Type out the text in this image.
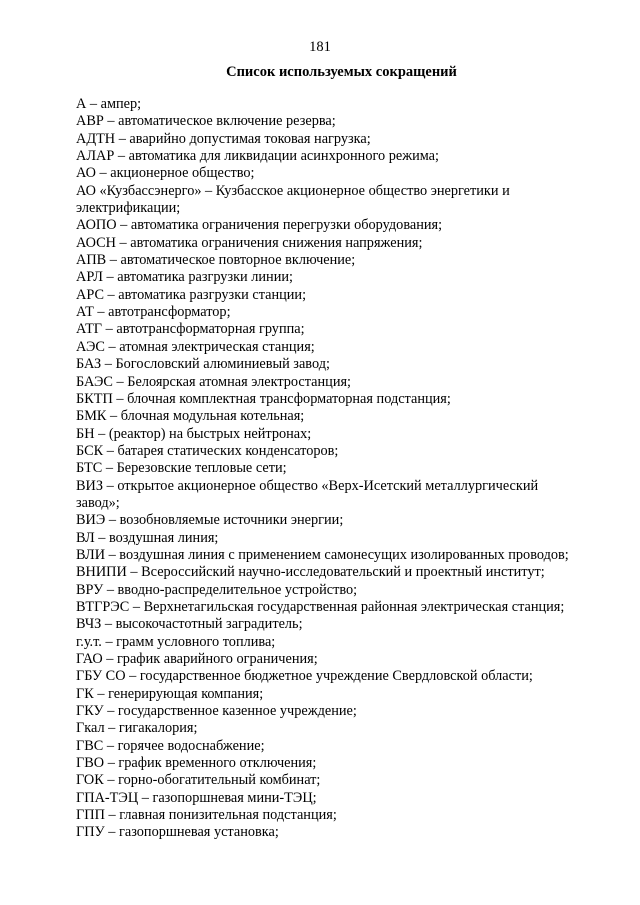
181
Список используемых сокращений
А – ампер;
АВР – автоматическое включение резерва;
АДТН – аварийно допустимая токовая нагрузка;
АЛАР – автоматика для ликвидации асинхронного режима;
АО – акционерное общество;
АО «Кузбассэнерго» – Кузбасское акционерное общество энергетики и электрификации;
АОПО – автоматика ограничения перегрузки оборудования;
АОСН – автоматика ограничения снижения напряжения;
АПВ – автоматическое повторное включение;
АРЛ – автоматика разгрузки линии;
АРС – автоматика разгрузки станции;
АТ – автотрансформатор;
АТГ – автотрансформаторная группа;
АЭС – атомная электрическая станция;
БАЗ – Богословский алюминиевый завод;
БАЭС – Белоярская атомная электростанция;
БКТП – блочная комплектная трансформаторная подстанция;
БМК – блочная модульная котельная;
БН – (реактор) на быстрых нейтронах;
БСК – батарея статических конденсаторов;
БТС – Березовские тепловые сети;
ВИЗ – открытое акционерное общество «Верх-Исетский металлургический завод»;
ВИЭ – возобновляемые источники энергии;
ВЛ – воздушная линия;
ВЛИ – воздушная линия с применением самонесущих изолированных проводов;
ВНИПИ – Всероссийский научно-исследовательский и проектный институт;
ВРУ – вводно-распределительное устройство;
ВТГРЭС – Верхнетагильская государственная районная электрическая станция;
ВЧЗ – высокочастотный заградитель;
г.у.т. – грамм условного топлива;
ГАО – график аварийного ограничения;
ГБУ СО – государственное бюджетное учреждение Свердловской области;
ГК – генерирующая компания;
ГКУ – государственное казенное учреждение;
Гкал – гигакалория;
ГВС – горячее водоснабжение;
ГВО – график временного отключения;
ГОК – горно-обогатительный комбинат;
ГПА-ТЭЦ – газопоршневая мини-ТЭЦ;
ГПП – главная понизительная подстанция;
ГПУ – газопоршневая установка;
